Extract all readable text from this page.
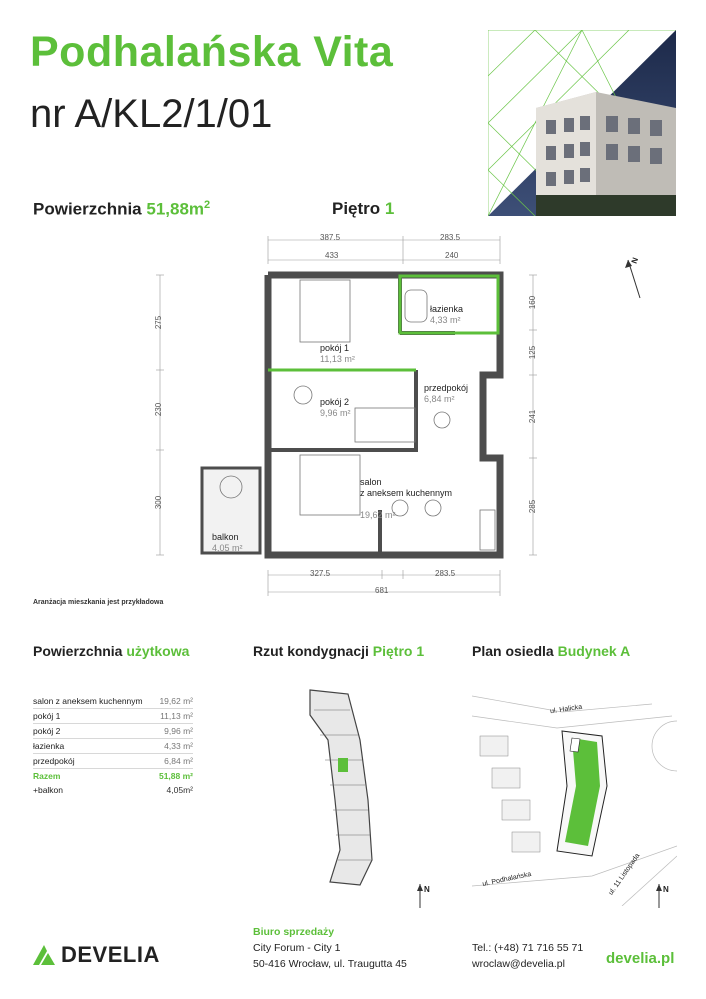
Podhalańska Vita
nr A/KL2/1/01
Powierzchnia $51,88m^2$	Piętro 1
387.5	283.5
433	240
275
230
300
160
125
241
285
327.5	283.5
681
łazienka
4,33 m²
pokój 1
11,13 m²
przedpokój
6,84 m²
pokój 2
9,96 m²

salon
z aneksem kuchennym

19,62 m²

balkon
4,05 m²
N
Aranżacja mieszkania jest przykładowa
Powierzchnia użytkowa	Rzut kondygnacji Piętro 1	Plan osiedla Budynek A
salon z aneksem kuchennym	19,62 m²
pokój 1	11,13 m²
pokój 2	9,96 m²
łazienka	4,33 m²
przedpokój	6,84 m²
Razem	51,88 m²
+balkon	4,05m²
N
ul. Halicka
ul. Podhalańska	ul. 11 Listopada	N
DEVELIA
Biuro sprzedaży
City Forum - City 1
50-416 Wrocław, ul. Traugutta 45
Tel.: (+48) 71 716 55 71
wroclaw@develia.pl	develia.pl
